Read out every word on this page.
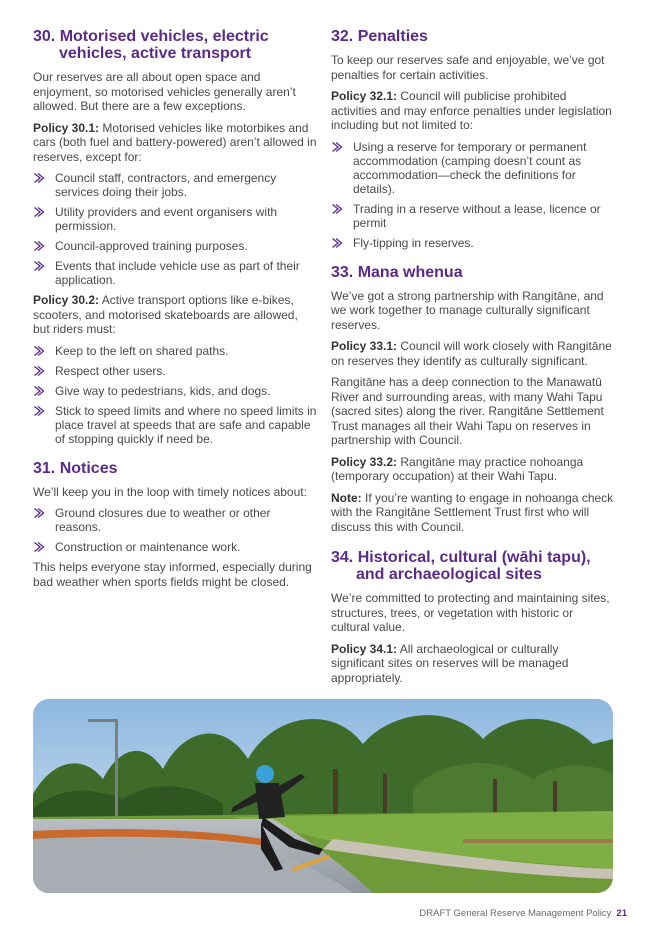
30. Motorised vehicles, electric vehicles, active transport

Our reserves are all about open space and enjoyment, so motorised vehicles generally aren’t allowed. But there are a few exceptions.

Policy 30.1: Motorised vehicles like motorbikes and cars (both fuel and battery-powered) aren’t allowed in reserves, except for:

Council staff, contractors, and emergency services doing their jobs.
Utility providers and event organisers with permission.
Council-approved training purposes.
Events that include vehicle use as part of their application.

Policy 30.2: Active transport options like e-bikes, scooters, and motorised skateboards are allowed, but riders must:

Keep to the left on shared paths.
Respect other users.
Give way to pedestrians, kids, and dogs.
Stick to speed limits and where no speed limits in place travel at speeds that are safe and capable of stopping quickly if need be.
31. Notices

We’ll keep you in the loop with timely notices about:

Ground closures due to weather or other reasons.
Construction or maintenance work.

This helps everyone stay informed, especially during bad weather when sports fields might be closed.

32. Penalties

To keep our reserves safe and enjoyable, we’ve got penalties for certain activities.

Policy 32.1: Council will publicise prohibited activities and may enforce penalties under legislation including but not limited to:

Using a reserve for temporary or permanent accommodation (camping doesn’t count as accommodation—check the definitions for details).
Trading in a reserve without a lease, licence or permit
Fly-tipping in reserves.
33. Mana whenua

We’ve got a strong partnership with Rangitāne, and we work together to manage culturally significant reserves.

Policy 33.1: Council will work closely with Rangitāne on reserves they identify as culturally significant.

Rangitāne has a deep connection to the Manawatū River and surrounding areas, with many Wahi Tapu (sacred sites) along the river. Rangitāne Settlement Trust manages all their Wahi Tapu on reserves in partnership with Council.

Policy 33.2: Rangitāne may practice nohoanga (temporary occupation) at their Wahi Tapu.

Note: If you’re wanting to engage in nohoanga check with the Rangitāne Settlement Trust first who will discuss this with Council.

34. Historical, cultural (wāhi tapu), and archaeological sites

We’re committed to protecting and maintaining sites, structures, trees, or vegetation with historic or cultural value.

Policy 34.1: All archaeological or culturally significant sites on reserves will be managed appropriately.

DRAFT General Reserve Management Policy 21
